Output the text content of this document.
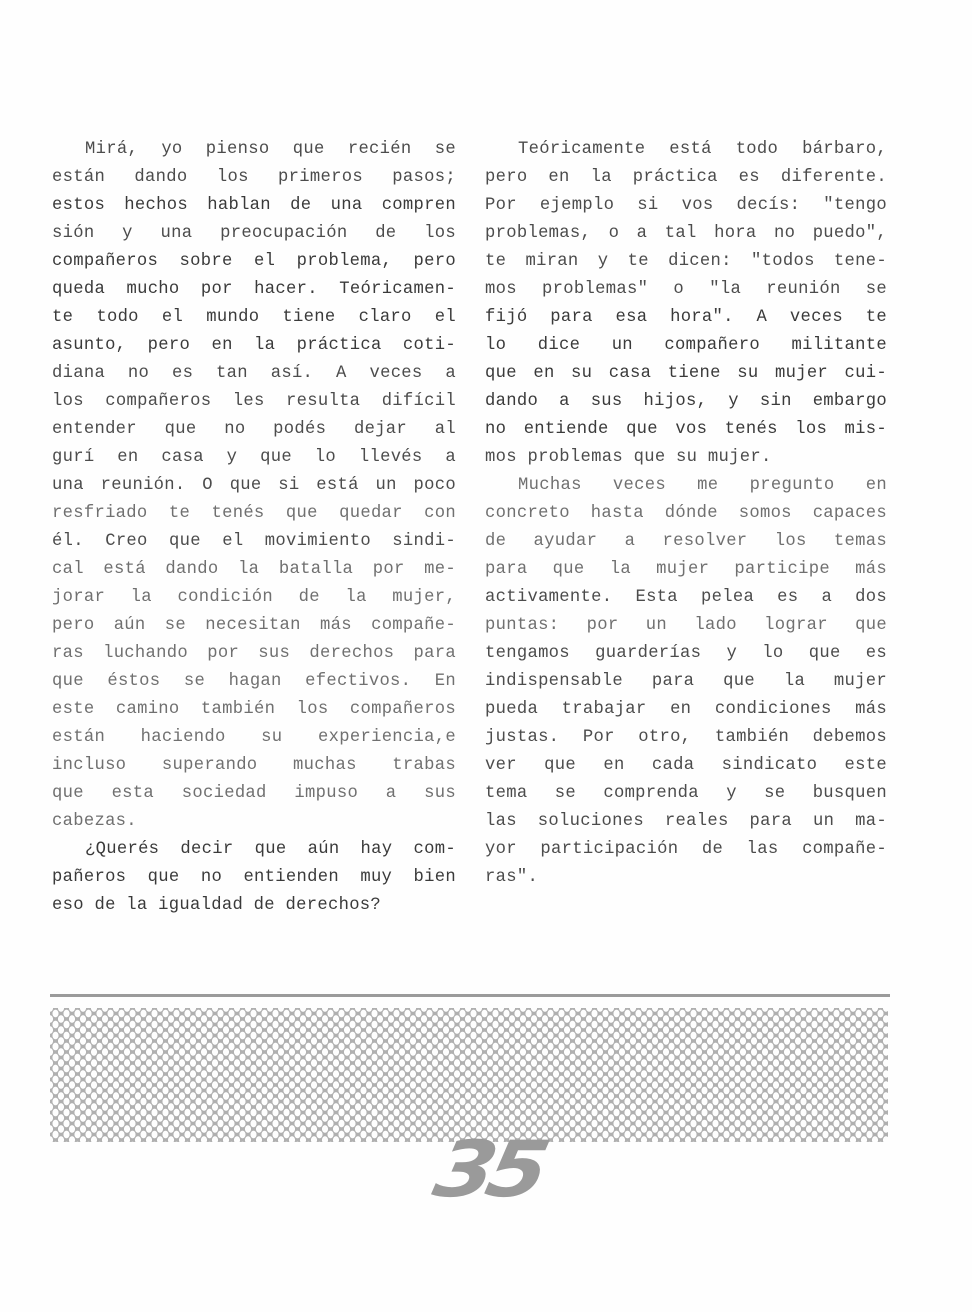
Mirá, yo pienso que recién se
están dando los primeros pasos;
estos hechos hablan de una compren
sión y una preocupación de los
compañeros sobre el problema, pero
queda mucho por hacer. Teóricamen-
te todo el mundo tiene claro el
asunto, pero en la práctica coti-
diana no es tan así. A veces a
los compañeros les resulta difícil
entender que no podés dejar al
gurí en casa y que lo llevés a
una reunión. O que si está un poco
resfriado te tenés que quedar con
él. Creo que el movimiento sindi-
cal está dando la batalla por me-
jorar la condición de la mujer,
pero aún se necesitan más compañe-
ras luchando por sus derechos para
que éstos se hagan efectivos. En
este camino también los compañeros
están haciendo su experiencia,e
incluso superando muchas trabas
que esta sociedad impuso a sus
cabezas.
¿Querés decir que aún hay com-
pañeros que no entienden muy bien
eso de la igualdad de derechos?
Teóricamente está todo bárbaro,
pero en la práctica es diferente.
Por ejemplo si vos decís: "tengo
problemas, o a tal hora no puedo",
te miran y te dicen: "todos tene-
mos problemas" o "la reunión se
fijó para esa hora". A veces te
lo dice un compañero militante
que en su casa tiene su mujer cui-
dando a sus hijos, y sin embargo
no entiende que vos tenés los mis-
mos problemas que su mujer.
Muchas veces me pregunto en
concreto hasta dónde somos capaces
de ayudar a resolver los temas
para que la mujer participe más
activamente. Esta pelea es a dos
puntas: por un lado lograr que
tengamos guarderías y lo que es
indispensable para que la mujer
pueda trabajar en condiciones más
justas. Por otro, también debemos
ver que en cada sindicato este
tema se comprenda y se busquen
las soluciones reales para un ma-
yor participación de las compañe-
ras".
35
